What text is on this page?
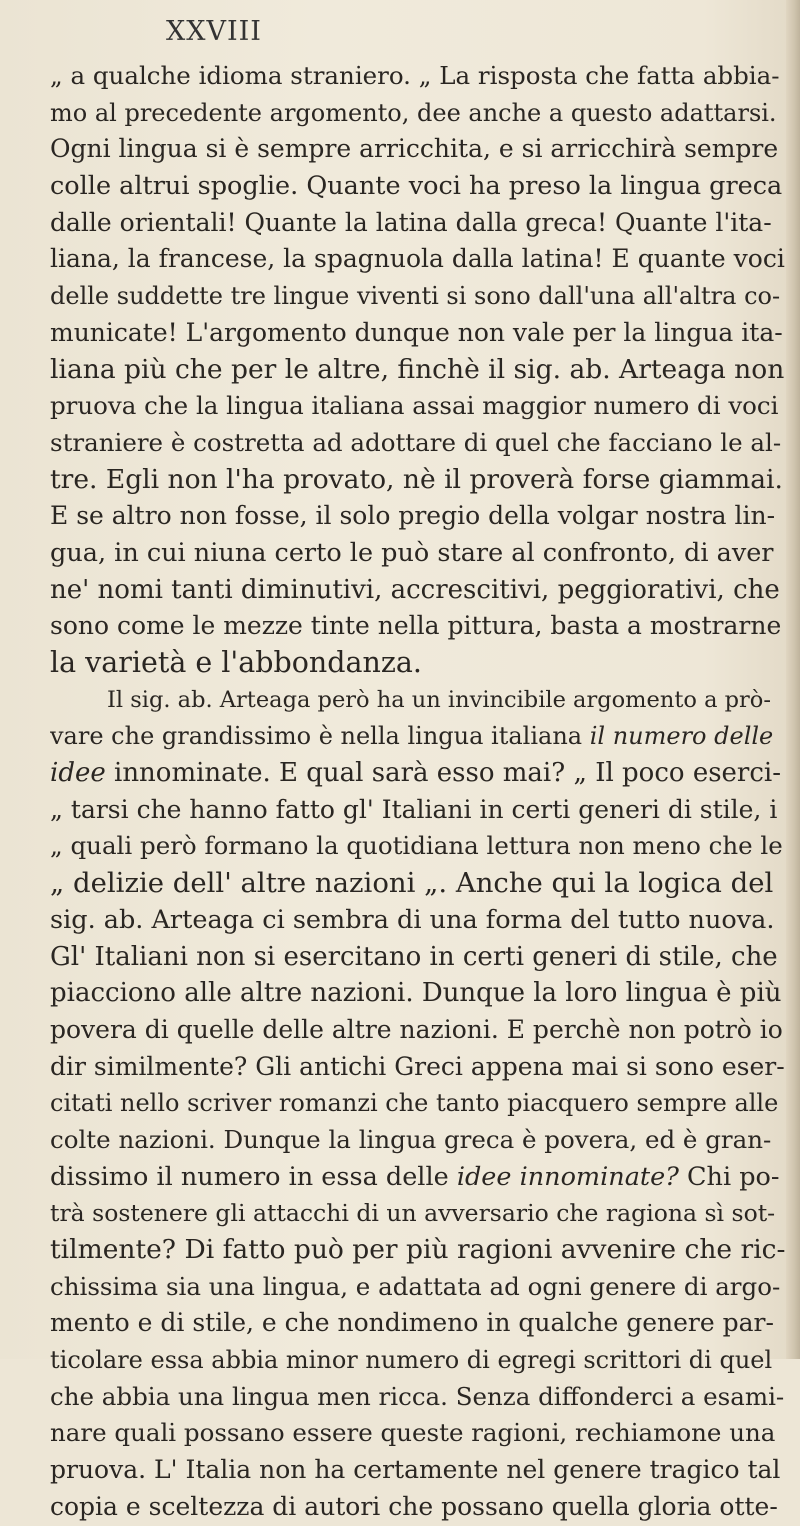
XXVIII
„ a qualche idioma straniero. „ La risposta che fatta abbia-
mo al precedente argomento, dee anche a questo adattarsi.
Ogni lingua si è sempre arricchita, e si arricchirà sempre
colle altrui spoglie. Quante voci ha preso la lingua greca
dalle orientali! Quante la latina dalla greca! Quante l'ita-
liana, la francese, la spagnuola dalla latina! E quante voci
delle suddette tre lingue viventi si sono dall'una all'altra co-
municate! L'argomento dunque non vale per la lingua ita-
liana più che per le altre, finchè il sig. ab. Arteaga non
pruova che la lingua italiana assai maggior numero di voci
straniere è costretta ad adottare di quel che facciano le al-
tre. Egli non l'ha provato, nè il proverà forse giammai.
E se altro non fosse, il solo pregio della volgar nostra lin-
gua, in cui niuna certo le può stare al confronto, di aver
ne' nomi tanti diminutivi, accrescitivi, peggiorativi, che
sono come le mezze tinte nella pittura, basta a mostrarne
la varietà e l'abbondanza.
Il sig. ab. Arteaga però ha un invincibile argomento a prò-
vare che grandissimo è nella lingua italiana il numero delle
idee innominate. E qual sarà esso mai? „ Il poco eserci-
„ tarsi che hanno fatto gl' Italiani in certi generi di stile, i
„ quali però formano la quotidiana lettura non meno che le
„ delizie dell' altre nazioni „. Anche qui la logica del
sig. ab. Arteaga ci sembra di una forma del tutto nuova.
Gl' Italiani non si esercitano in certi generi di stile, che
piacciono alle altre nazioni. Dunque la loro lingua è più
povera di quelle delle altre nazioni. E perchè non potrò io
dir similmente? Gli antichi Greci appena mai si sono eser-
citati nello scriver romanzi che tanto piacquero sempre alle
colte nazioni. Dunque la lingua greca è povera, ed è gran-
dissimo il numero in essa delle idee innominate? Chi po-
trà sostenere gli attacchi di un avversario che ragiona sì sot-
tilmente? Di fatto può per più ragioni avvenire che ric-
chissima sia una lingua, e adattata ad ogni genere di argo-
mento e di stile, e che nondimeno in qualche genere par-
ticolare essa abbia minor numero di egregi scrittori di quel
che abbia una lingua men ricca. Senza diffonderci a esami-
nare quali possano essere queste ragioni, rechiamone una
pruova. L' Italia non ha certamente nel genere tragico tal
copia e sceltezza di autori che possano quella gloria otte-
